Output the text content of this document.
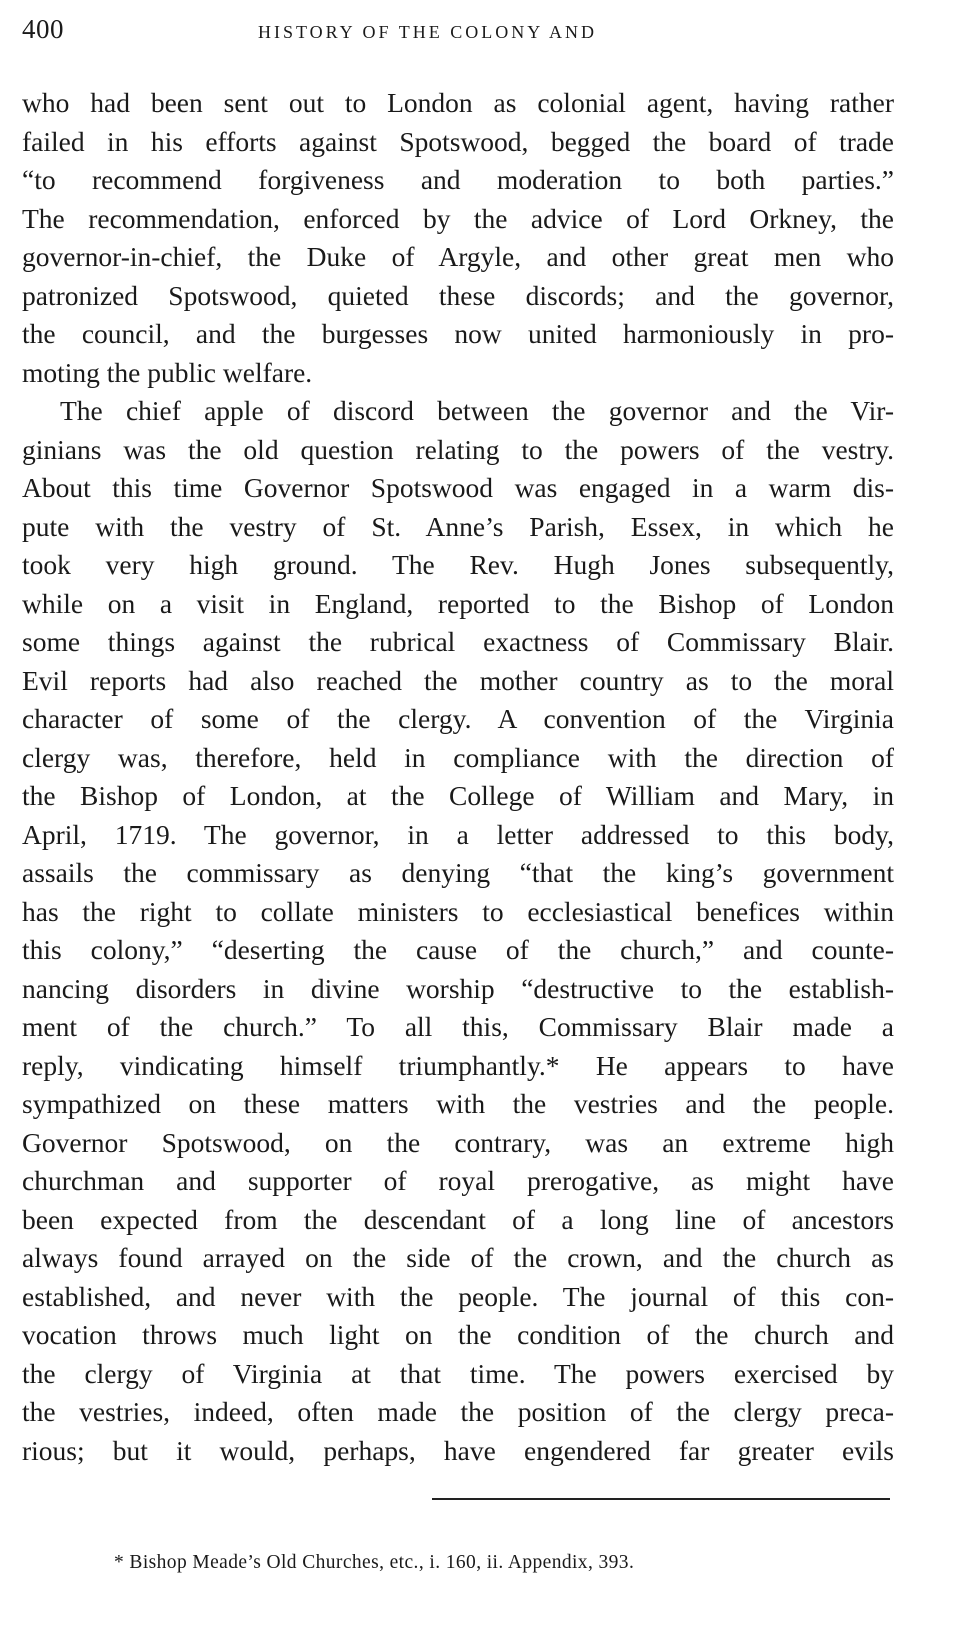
400	HISTORY OF THE COLONY AND
who had been sent out to London as colonial agent, having rather
failed in his efforts against Spotswood, begged the board of trade
“to recommend forgiveness and moderation to both parties.”
The recommendation, enforced by the advice of Lord Orkney, the
governor-in-chief, the Duke of Argyle, and other great men who
patronized Spotswood, quieted these discords; and the governor,
the council, and the burgesses now united harmoniously in pro-
moting the public welfare.
The chief apple of discord between the governor and the Vir-
ginians was the old question relating to the powers of the vestry.
About this time Governor Spotswood was engaged in a warm dis-
pute with the vestry of St. Anne’s Parish, Essex, in which he
took very high ground. The Rev. Hugh Jones subsequently,
while on a visit in England, reported to the Bishop of London
some things against the rubrical exactness of Commissary Blair.
Evil reports had also reached the mother country as to the moral
character of some of the clergy. A convention of the Virginia
clergy was, therefore, held in compliance with the direction of
the Bishop of London, at the College of William and Mary, in
April, 1719. The governor, in a letter addressed to this body,
assails the commissary as denying “that the king’s government
has the right to collate ministers to ecclesiastical benefices within
this colony,” “deserting the cause of the church,” and counte-
nancing disorders in divine worship “destructive to the establish-
ment of the church.” To all this, Commissary Blair made a
reply, vindicating himself triumphantly.* He appears to have
sympathized on these matters with the vestries and the people.
Governor Spotswood, on the contrary, was an extreme high
churchman and supporter of royal prerogative, as might have
been expected from the descendant of a long line of ancestors
always found arrayed on the side of the crown, and the church as
established, and never with the people. The journal of this con-
vocation throws much light on the condition of the church and
the clergy of Virginia at that time. The powers exercised by
the vestries, indeed, often made the position of the clergy preca-
rious; but it would, perhaps, have engendered far greater evils
* Bishop Meade’s Old Churches, etc., i. 160, ii. Appendix, 393.
